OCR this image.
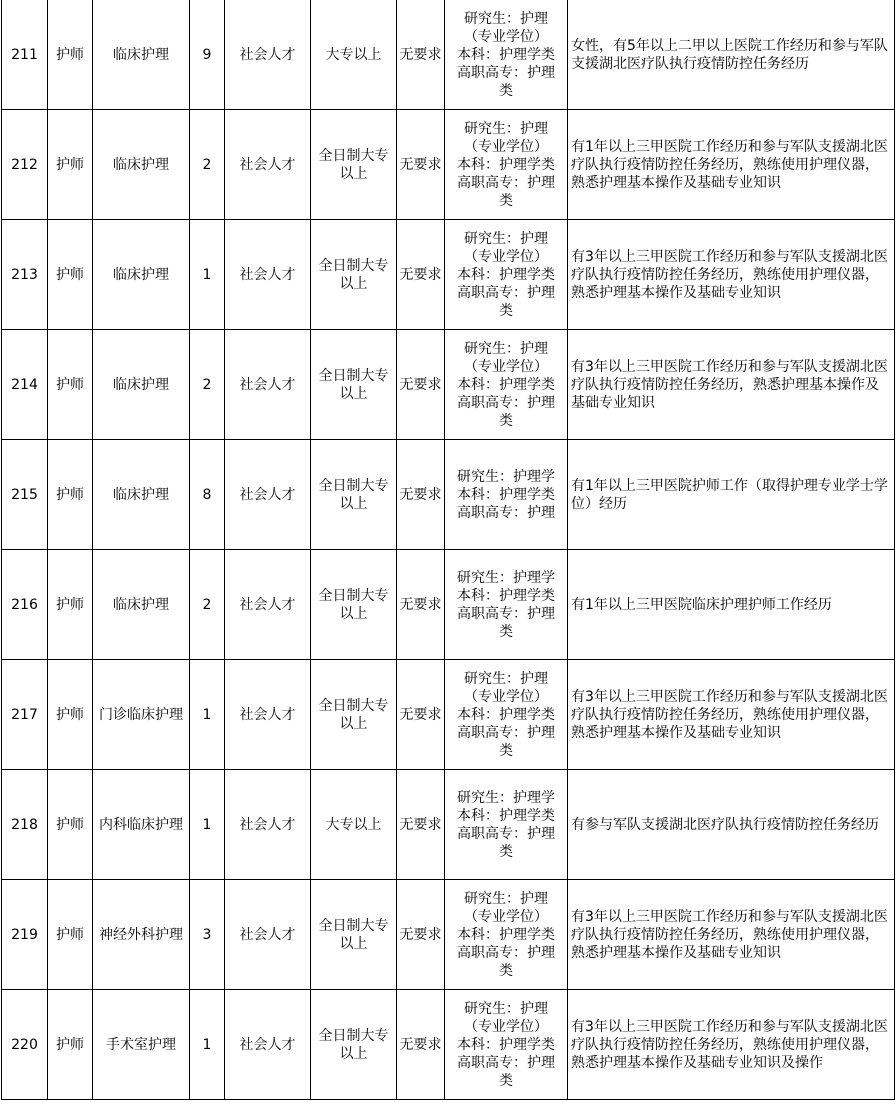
211	护师	临床护理	9	社会人才	大专以上	无要求	研究生：护理
（专业学位）
本科：护理学类
高职高专：护理
类	女性，有5年以上二甲以上医院工作经历和参与军队支援湖北医疗队执行疫情防控任务经历
212	护师	临床护理	2	社会人才	全日制大专以上	无要求	研究生：护理
（专业学位）
本科：护理学类
高职高专：护理
类	有1年以上三甲医院工作经历和参与军队支援湖北医疗队执行疫情防控任务经历，熟练使用护理仪器，熟悉护理基本操作及基础专业知识
213	护师	临床护理	1	社会人才	全日制大专以上	无要求	研究生：护理
（专业学位）
本科：护理学类
高职高专：护理
类	有3年以上三甲医院工作经历和参与军队支援湖北医疗队执行疫情防控任务经历，熟练使用护理仪器，熟悉护理基本操作及基础专业知识
214	护师	临床护理	2	社会人才	全日制大专以上	无要求	研究生：护理
（专业学位）
本科：护理学类
高职高专：护理
类	有3年以上三甲医院工作经历和参与军队支援湖北医疗队执行疫情防控任务经历，熟悉护理基本操作及基础专业知识
215	护师	临床护理	8	社会人才	全日制大专以上	无要求	研究生：护理学
本科：护理学类
高职高专：护理	有1年以上三甲医院护师工作（取得护理专业学士学位）经历
216	护师	临床护理	2	社会人才	全日制大专以上	无要求	研究生：护理学
本科：护理学类
高职高专：护理
类	有1年以上三甲医院临床护理护师工作经历
217	护师	门诊临床护理	1	社会人才	全日制大专以上	无要求	研究生：护理
（专业学位）
本科：护理学类
高职高专：护理
类	有3年以上三甲医院工作经历和参与军队支援湖北医疗队执行疫情防控任务经历，熟练使用护理仪器，熟悉护理基本操作及基础专业知识
218	护师	内科临床护理	1	社会人才	大专以上	无要求	研究生：护理学
本科：护理学类
高职高专：护理
类	有参与军队支援湖北医疗队执行疫情防控任务经历
219	护师	神经外科护理	3	社会人才	全日制大专以上	无要求	研究生：护理
（专业学位）
本科：护理学类
高职高专：护理
类	有3年以上三甲医院工作经历和参与军队支援湖北医疗队执行疫情防控任务经历，熟练使用护理仪器，熟悉护理基本操作及基础专业知识
220	护师	手术室护理	1	社会人才	全日制大专以上	无要求	研究生：护理
（专业学位）
本科：护理学类
高职高专：护理
类	有3年以上三甲医院工作经历和参与军队支援湖北医疗队执行疫情防控任务经历，熟练使用护理仪器，熟悉护理基本操作及基础专业知识及操作
